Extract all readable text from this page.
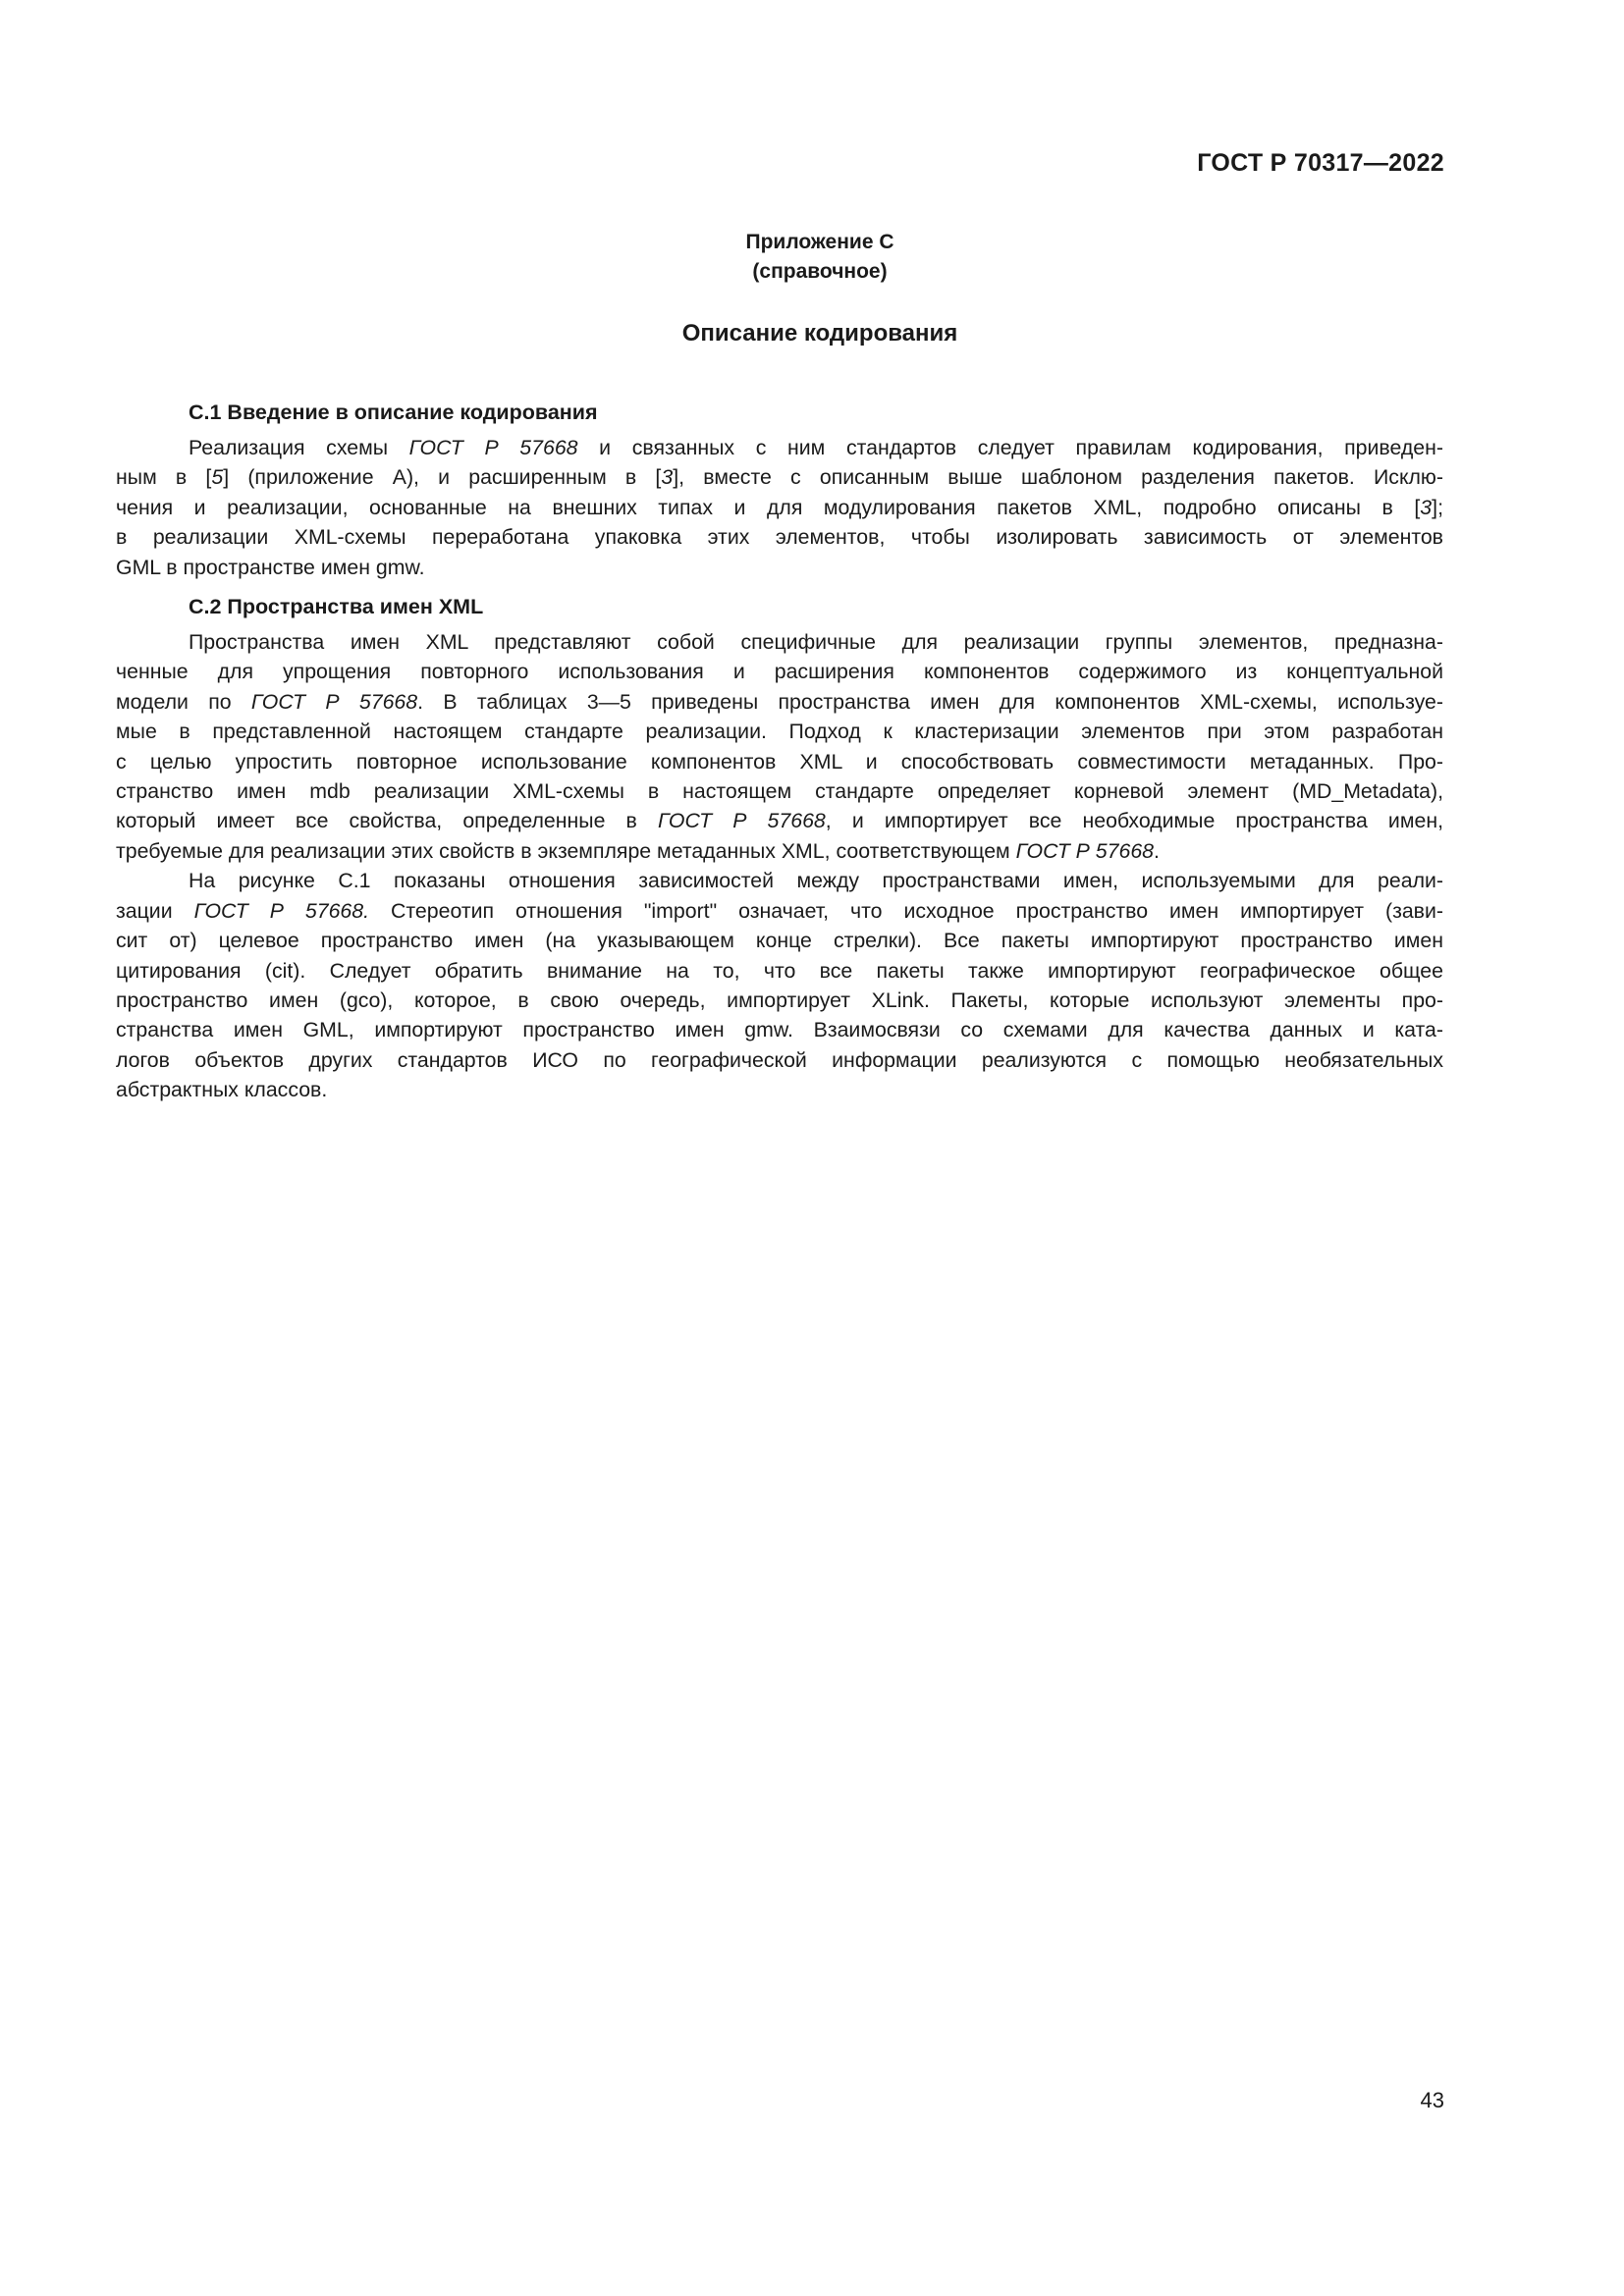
ГОСТ Р 70317—2022
Приложение С
(справочное)
Описание кодирования
С.1 Введение в описание кодирования
Реализация схемы ГОСТ Р 57668 и связанных с ним стандартов следует правилам кодирования, приведен-
ным в [5] (приложение А), и расширенным в [3], вместе с описанным выше шаблоном разделения пакетов. Исклю-
чения и реализации, основанные на внешних типах и для модулирования пакетов XML, подробно описаны в [3];
в реализации XML-схемы переработана упаковка этих элементов, чтобы изолировать зависимость от элементов
GML в пространстве имен gmw.
С.2 Пространства имен XML
Пространства имен XML представляют собой специфичные для реализации группы элементов, предназна-
ченные для упрощения повторного использования и расширения компонентов содержимого из концептуальной
модели по ГОСТ Р 57668. В таблицах 3—5 приведены пространства имен для компонентов XML-схемы, используе-
мые в представленной настоящем стандарте реализации. Подход к кластеризации элементов при этом разработан
с целью упростить повторное использование компонентов XML и способствовать совместимости метаданных. Про-
странство имен mdb реализации XML-схемы в настоящем стандарте определяет корневой элемент (MD_Metadata),
который имеет все свойства, определенные в ГОСТ Р 57668, и импортирует все необходимые пространства имен,
требуемые для реализации этих свойств в экземпляре метаданных XML, соответствующем ГОСТ Р 57668.
На рисунке С.1 показаны отношения зависимостей между пространствами имен, используемыми для реали-
зации ГОСТ Р 57668. Стереотип отношения "import" означает, что исходное пространство имен импортирует (зави-
сит от) целевое пространство имен (на указывающем конце стрелки). Все пакеты импортируют пространство имен
цитирования (cit). Следует обратить внимание на то, что все пакеты также импортируют географическое общее
пространство имен (gco), которое, в свою очередь, импортирует XLink. Пакеты, которые используют элементы про-
странства имен GML, импортируют пространство имен gmw. Взаимосвязи со схемами для качества данных и ката-
логов объектов других стандартов ИСО по географической информации реализуются с помощью необязательных
абстрактных классов.
43
